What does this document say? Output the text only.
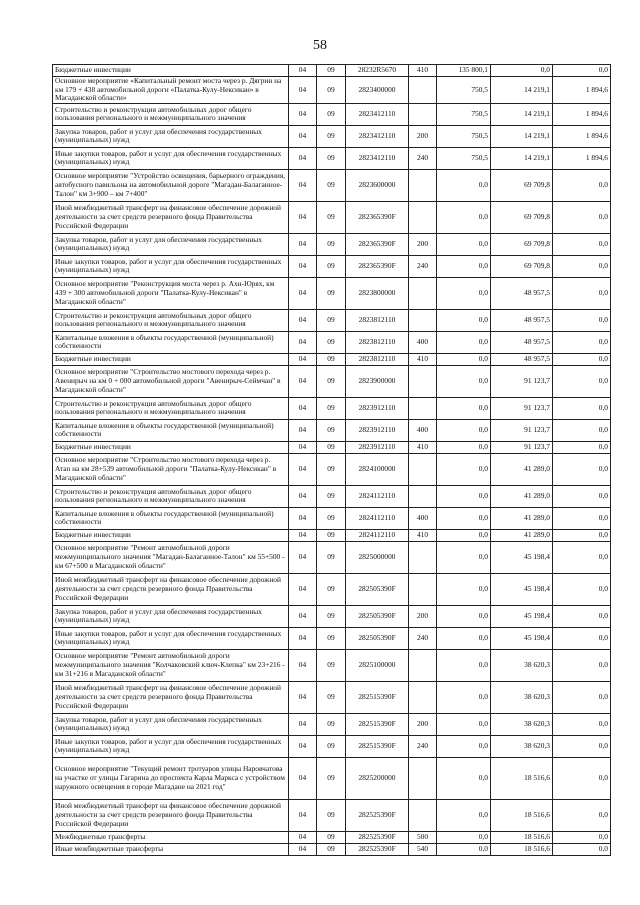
58
Бюджетные инвестиции	04	09	28232R5670	410	135 800,1	0,0	0,0
Основное мероприятие «Капитальный ремонт моста через р. Дягрин на км 179 + 438 автомобильной дороги «Палатка-Кулу-Нексикан» в Магаданской области»	04	09	2823400000		750,5	14 219,1	1 894,6
Строительство и реконструкция автомобильных дорог общего пользования регионального и межмуниципального значения	04	09	2823412110		750,5	14 219,1	1 894,6
Закупка товаров, работ и услуг для обеспечения государственных (муниципальных) нужд	04	09	2823412110	200	750,5	14 219,1	1 894,6
Иные закупки товаров, работ и услуг для обеспечения государственных (муниципальных) нужд	04	09	2823412110	240	750,5	14 219,1	1 894,6
Основное мероприятие "Устройство освещения, барьерного ограждения, автобусного павильона на автомобильной дороге "Магадан-Балаганное-Талон" км 3+900 – км 7+400"	04	09	2823600000		0,0	69 709,8	0,0
Иной межбюджетный трансферт на финансовое обеспечение дорожной деятельности за счет средств резервного фонда Правительства Российской Федерации	04	09	282365390F		0,0	69 709,8	0,0
Закупка товаров, работ и услуг для обеспечения государственных (муниципальных) нужд	04	09	282365390F	200	0,0	69 709,8	0,0
Иные закупки товаров, работ и услуг для обеспечения государственных (муниципальных) нужд	04	09	282365390F	240	0,0	69 709,8	0,0
Основное мероприятие "Реконструкция моста через р. Ахн-Юрях, км 439 + 300 автомобильной дороги "Палатка-Кулу-Нексикан" в Магаданской области"	04	09	2823800000		0,0	48 957,5	0,0
Строительство и реконструкция автомобильных дорог общего пользования регионального и межмуниципального значения	04	09	2823812110		0,0	48 957,5	0,0
Капитальные вложения в объекты государственной (муниципальной) собственности	04	09	2823812110	400	0,0	48 957,5	0,0
Бюджетные инвестиции	04	09	2823812110	410	0,0	48 957,5	0,0
Основное мероприятие "Строительство мостового перехода через р. Авенирыч на км 0 + 000 автомобильной дороги "Авенирыч-Сеймчан" в Магаданской области"	04	09	2823900000		0,0	91 123,7	0,0
Строительство и реконструкция автомобильных дорог общего пользования регионального и межмуниципального значения	04	09	2823912110		0,0	91 123,7	0,0
Капитальные вложения в объекты государственной (муниципальной) собственности	04	09	2823912110	400	0,0	91 123,7	0,0
Бюджетные инвестиции	04	09	2823912110	410	0,0	91 123,7	0,0
Основное мероприятие "Строительство мостового перехода через р. Атаn на км 28+539 автомобильной дороги "Палатка-Кулу-Нексикан" в Магаданской области"	04	09	2824100000		0,0	41 289,0	0,0
Строительство и реконструкция автомобильных дорог общего пользования регионального и межмуниципального значения	04	09	2824112110		0,0	41 289,0	0,0
Капитальные вложения в объекты государственной (муниципальной) собственности	04	09	2824112110	400	0,0	41 289,0	0,0
Бюджетные инвестиции	04	09	2824112110	410	0,0	41 289,0	0,0
Основное мероприятие "Ремонт автомобильной дороги межмуниципального значения "Магадан-Балаганное-Талон" км 55+500 - км 67+500 в Магаданской области"	04	09	2825000000		0,0	45 198,4	0,0
Иной межбюджетный трансферт на финансовое обеспечение дорожной деятельности за счет средств резервного фонда Правительства Российской Федерации	04	09	282505390F		0,0	45 198,4	0,0
Закупка товаров, работ и услуг для обеспечения государственных (муниципальных) нужд	04	09	282505390F	200	0,0	45 198,4	0,0
Иные закупки товаров, работ и услуг для обеспечения государственных (муниципальных) нужд	04	09	282505390F	240	0,0	45 198,4	0,0
Основное мероприятие "Ремонт автомобильной дороги межмуниципального значения "Колчаковский ключ-Клепка" км 23+216 - км 31+216 в Магаданской области"	04	09	2825100000		0,0	38 620,3	0,0
Иной межбюджетный трансферт на финансовое обеспечение дорожной деятельности за счет средств резервного фонда Правительства Российской Федерации	04	09	282515390F		0,0	38 620,3	0,0
Закупка товаров, работ и услуг для обеспечения государственных (муниципальных) нужд	04	09	282515390F	200	0,0	38 620,3	0,0
Иные закупки товаров, работ и услуг для обеспечения государственных (муниципальных) нужд	04	09	282515390F	240	0,0	38 620,3	0,0
Основное мероприятие "Текущий ремонт тротуаров улицы Наровчатова на участке от улицы Гагарина до проспекта Карла Маркса с устройством наружного освещения в городе Магадане на 2021 год"	04	09	2825200000		0,0	18 516,6	0,0
Иной межбюджетный трансферт на финансовое обеспечение дорожной деятельности за счет средств резервного фонда Правительства Российской Федерации	04	09	282525390F		0,0	18 516,6	0,0
Межбюджетные трансферты	04	09	282525390F	500	0,0	18 516,6	0,0
Иные межбюджетные трансферты	04	09	282525390F	540	0,0	18 516,6	0,0
